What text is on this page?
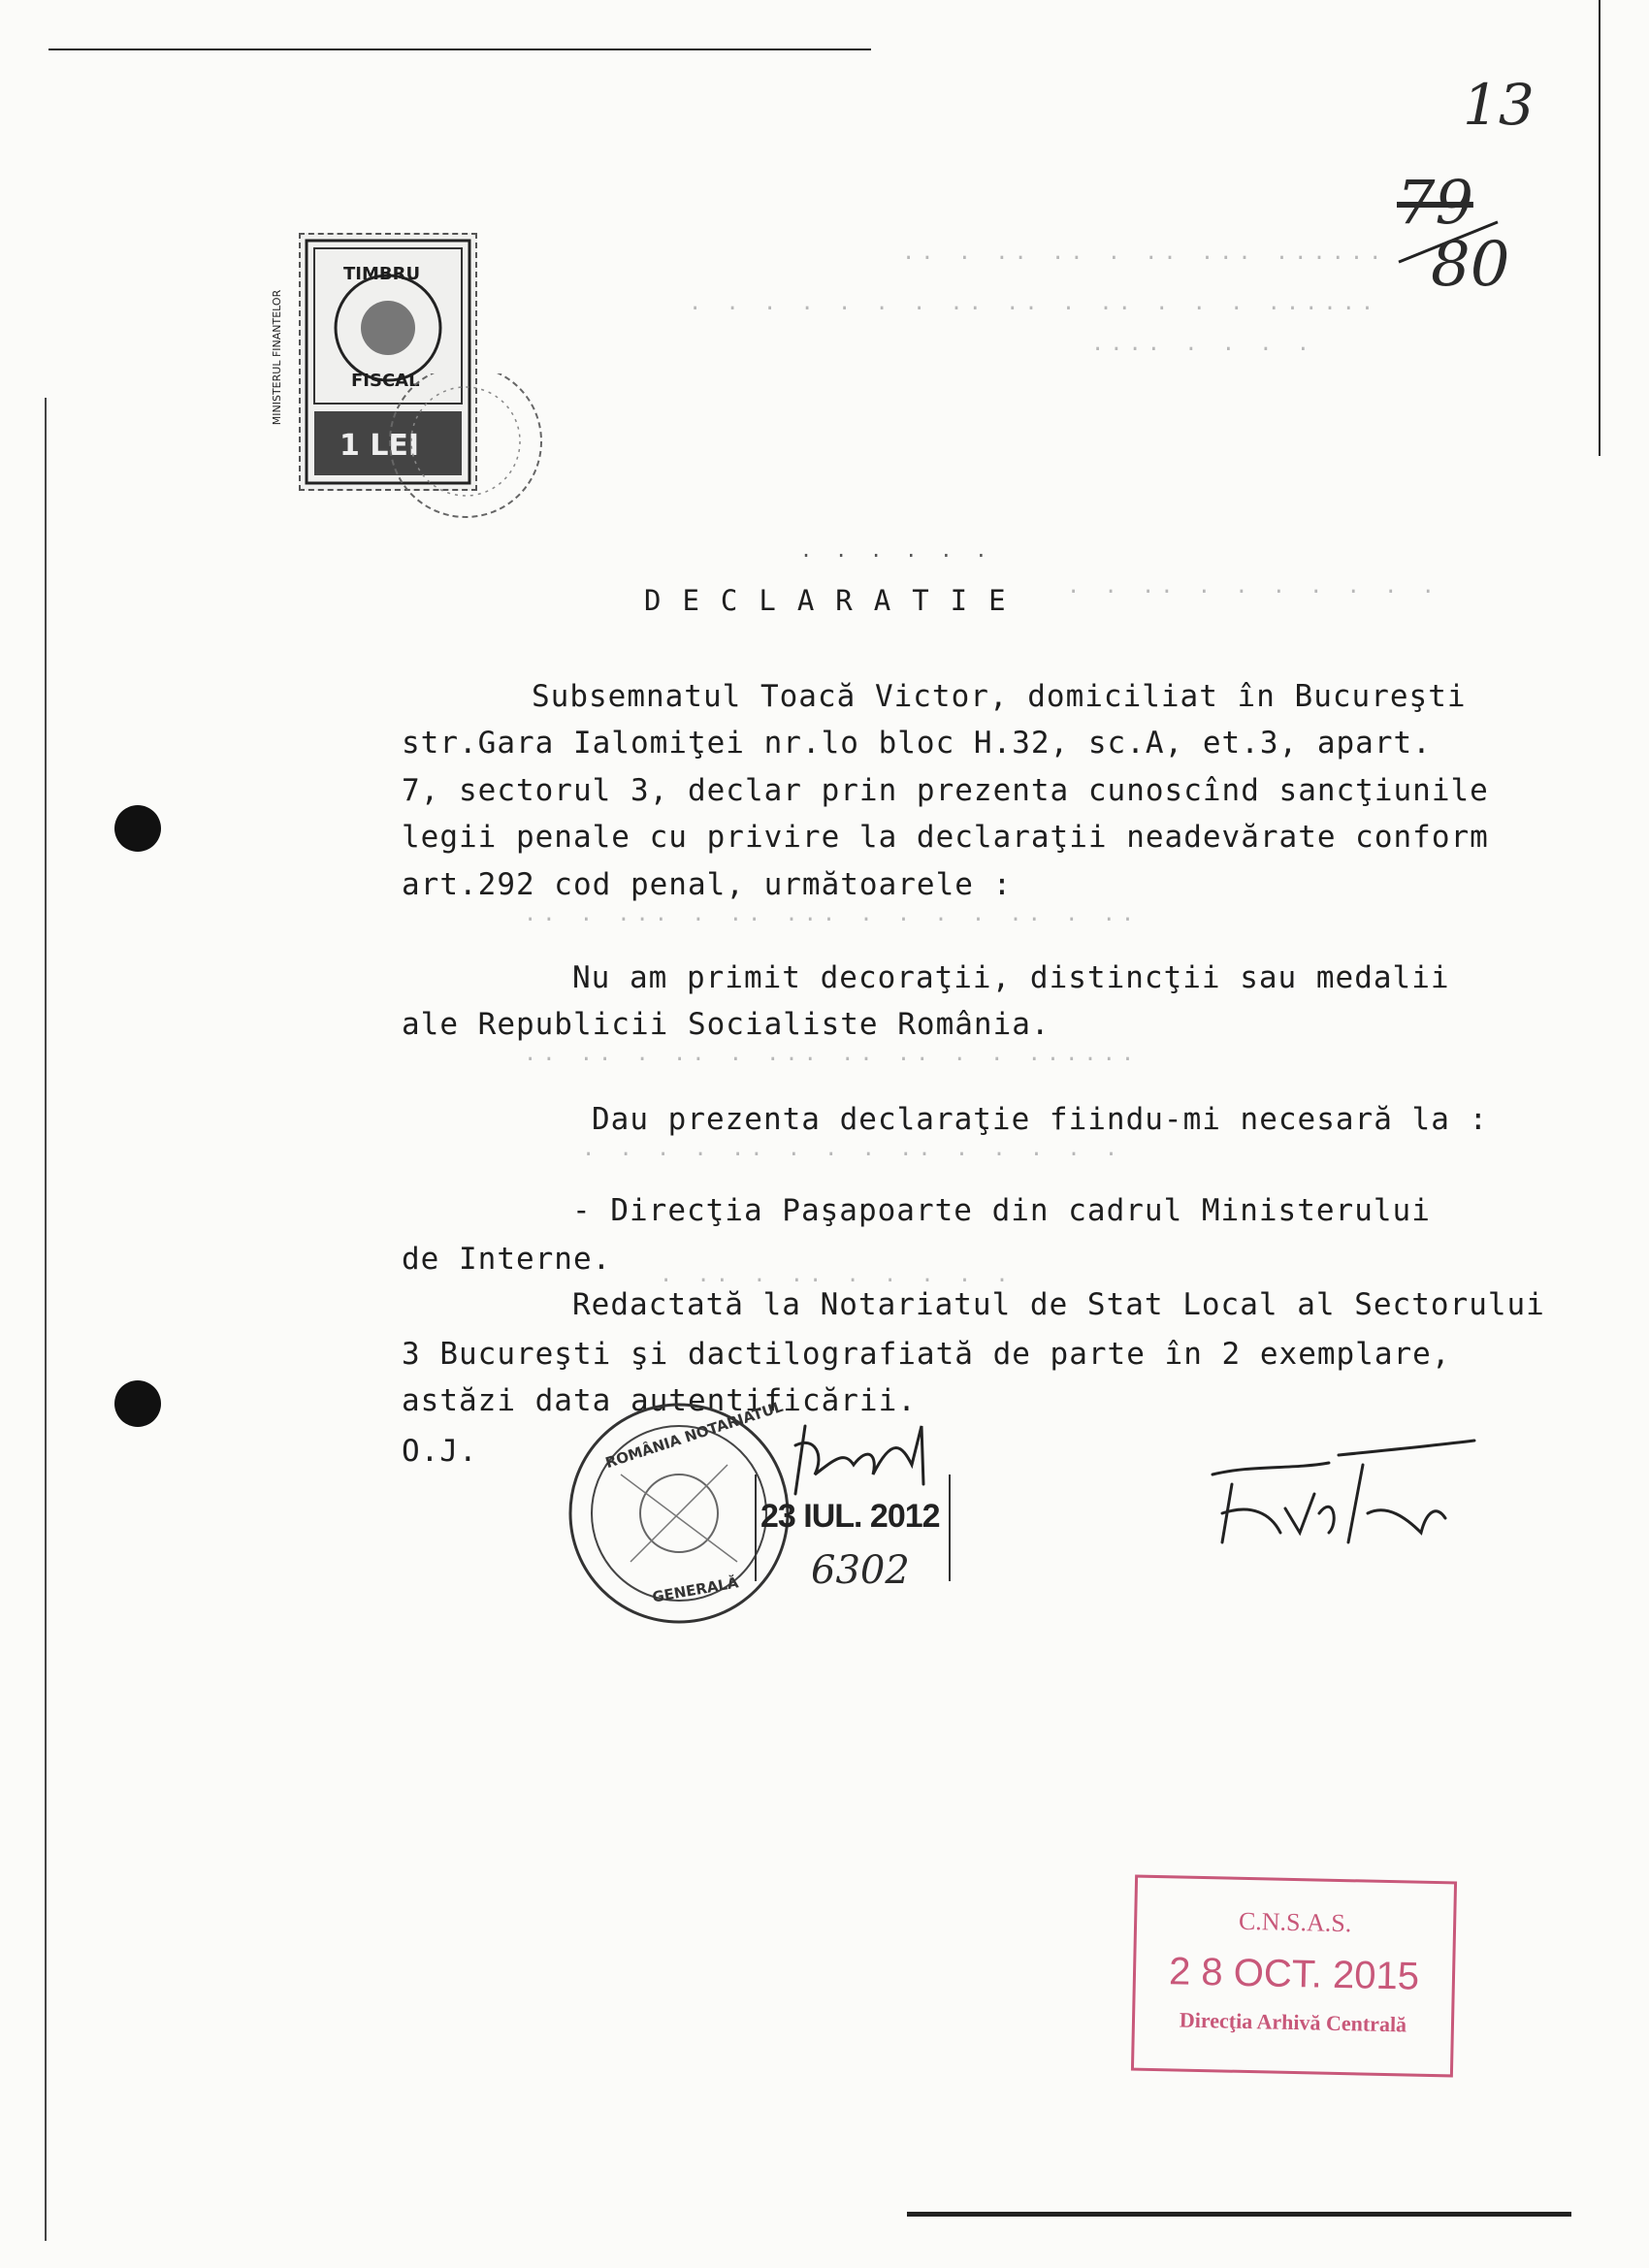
13
79
80
.. . .. .. . .. ... ......
. . . . . . . .. .. . .. . . . ......
.... . . . .
TIMBRU
FISCAL
1 LEI
MINISTERUL FINANTELOR
. . . . . .
. . .. . . . . . . .
DECLARATIE
Subsemnatul Toacă Victor, domiciliat în Bucureşti
str.Gara Ialomiţei nr.lo bloc H.32, sc.A, et.3, apart.
7, sectorul 3, declar prin prezenta cunoscînd sancţiunile
legii penale cu privire la declaraţii neadevărate conform
art.292 cod penal, următoarele :
.. . ... . .. ... . . . . .. . ..
Nu am primit decoraţii, distincţii sau medalii
ale Republicii Socialiste România.
.. .. . .. . ... .. .. . . ......
Dau prezenta declaraţie fiindu-mi necesară la :
. . . . .. . . . .. . . . . .
- Direcţia Paşapoarte din cadrul Ministerului
de Interne. . .. . .. . . . . .
Redactată la Notariatul de Stat Local al Sectorului
3 Bucureşti şi dactilografiată de parte în 2 exemplare,
astăzi data autentificării.
O.J.	ROMÂNIA NOTARIATUL
GENERALĂ
23 IUL. 2012
6302
C.N.S.A.S.
2 8 OCT. 2015
Direcţia Arhivă Centrală
